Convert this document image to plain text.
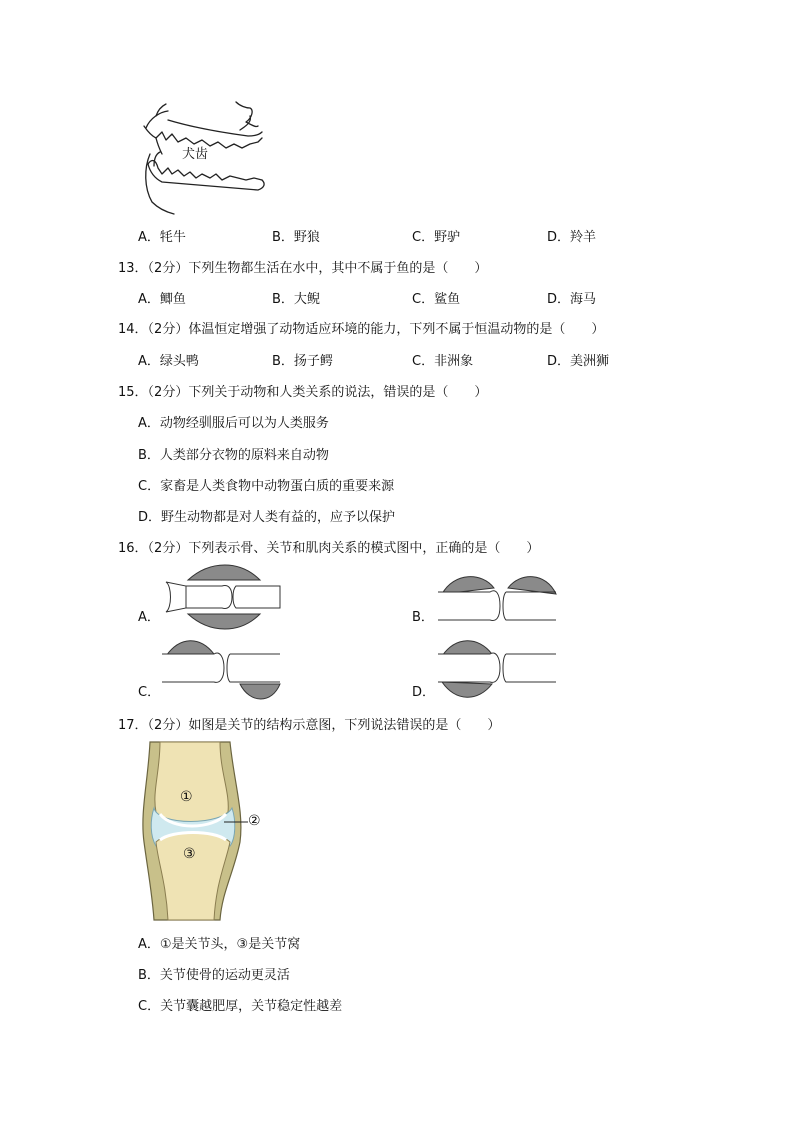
犬齿
A．牦牛	B．野狼	C．野驴	D．羚羊
13．（2分）下列生物都生活在水中，其中不属于鱼的是（　　）
A．鲫鱼	B．大鲵	C．鲨鱼	D．海马
14．（2分）体温恒定增强了动物适应环境的能力，下列不属于恒温动物的是（　　）
A．绿头鸭	B．扬子鳄	C．非洲象	D．美洲狮
15．（2分）下列关于动物和人类关系的说法，错误的是（　　）
A．动物经驯服后可以为人类服务
B．人类部分衣物的原料来自动物
C．家畜是人类食物中动物蛋白质的重要来源
D．野生动物都是对人类有益的，应予以保护
16．（2分）下列表示骨、关节和肌肉关系的模式图中，正确的是（　　）
A．	B．
C．	D．
17．（2分）如图是关节的结构示意图，下列说法错误的是（　　）
①
②
③
A．①是关节头，③是关节窝
B．关节使骨的运动更灵活
C．关节囊越肥厚，关节稳定性越差
